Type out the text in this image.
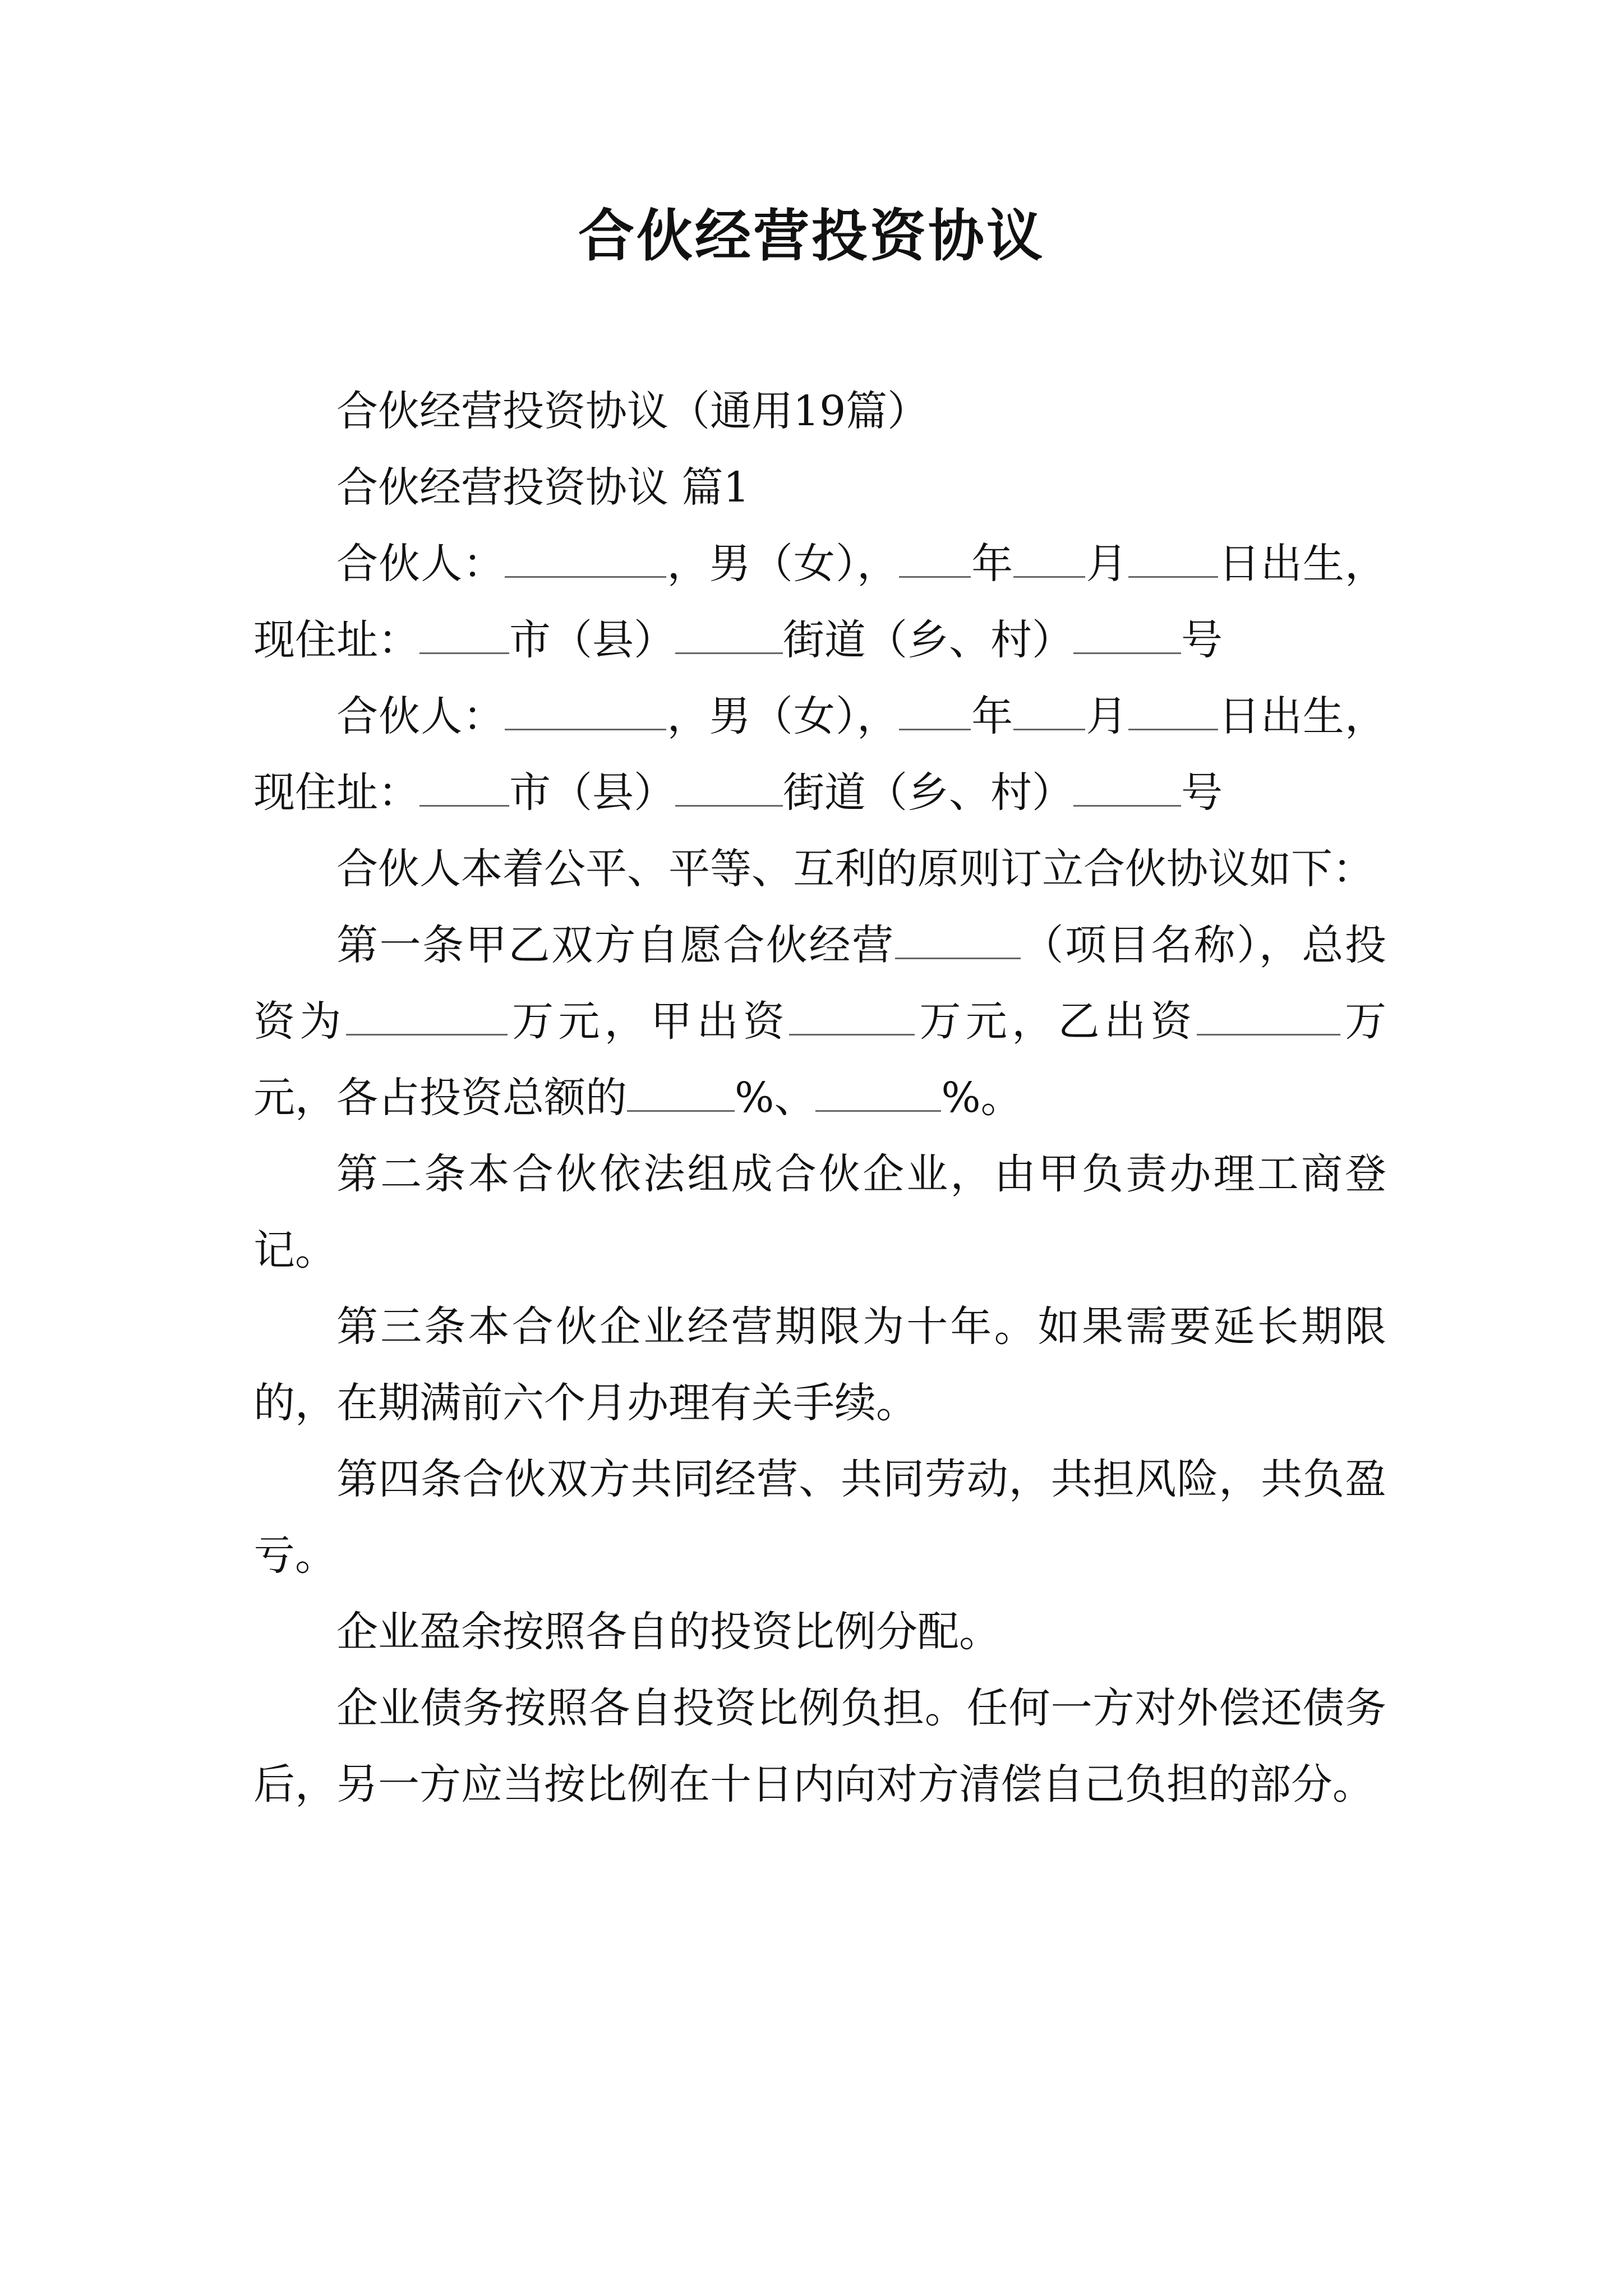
合伙经营投资协议

合伙经营投资协议（通用19篇）

合伙经营投资协议 篇1

合伙人：	，男（女）， 年 月 日出生，现住址： 市（县）	街道（乡、村）	号

合伙人：	，男（女）， 年 月 日出生，现住址： 市（县）	街道（乡、村）	号

合伙人本着公平、平等、互利的原则订立合伙协议如下：

第一条甲乙双方自愿合伙经营	（项目名称），总投资为	万元，甲出资	万元，乙出资	万元，各占投资总额的	%、	%。

第二条本合伙依法组成合伙企业，由甲负责办理工商登记。

第三条本合伙企业经营期限为十年。如果需要延长期限的，在期满前六个月办理有关手续。

第四条合伙双方共同经营、共同劳动，共担风险，共负盈亏。

企业盈余按照各自的投资比例分配。

企业债务按照各自投资比例负担。任何一方对外偿还债务后，另一方应当按比例在十日内向对方清偿自己负担的部分。
